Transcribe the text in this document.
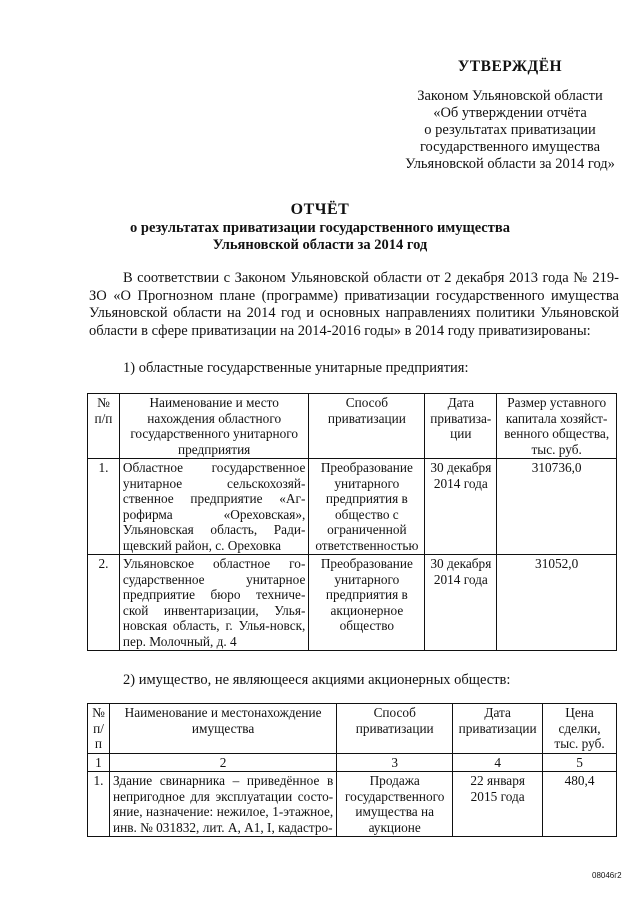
УТВЕРЖДЁН
Законом Ульяновской области
«Об утверждении отчёта
о результатах приватизации
государственного имущества
Ульяновской области за 2014 год»
ОТЧЁТ
о результатах приватизации государственного имущества
Ульяновской области за 2014 год
В соответствии с Законом Ульяновской области от 2 декабря 2013 года № 219-ЗО «О Прогнозном плане (программе) приватизации государственного имущества Ульяновской области на 2014 год и основных направлениях политики Ульяновской области в сфере приватизации на 2014-2016 годы» в 2014 году приватизированы:
1) областные государственные унитарные предприятия:
№ п/п	Наименование и место нахождения областного государственного унитарного предприятия	Способ приватизации	Дата приватиза-ции	Размер уставного капитала хозяйст-венного общества, тыс. руб.
1.	Областное государственное унитарное сельскохозяй-ственное предприятие «Аг-рофирма «Ореховская», Ульяновская область, Ради-щевский район, с. Ореховка	Преобразование унитарного предприятия в общество с ограниченной ответственностью	30 декабря 2014 года	310736,0
2.	Ульяновское областное го-сударственное унитарное предприятие бюро техниче-ской инвентаризации, Улья-новская область, г. Улья-новск, пер. Молочный, д. 4	Преобразование унитарного предприятия в акционерное общество	30 декабря 2014 года	31052,0
2) имущество, не являющееся акциями акционерных обществ:
№ п/п	Наименование и местонахождение имущества	Способ приватизации	Дата приватизации	Цена сделки, тыс. руб.
1	2	3	4	5
1.	Здание свинарника – приведённое в непригодное для эксплуатации состо-яние, назначение: нежилое, 1-этажное, инв. № 031832, лит. А, А1, I, кадастро-	Продажа государственного имущества на аукционе	22 января 2015 года	480,4
08046г2
